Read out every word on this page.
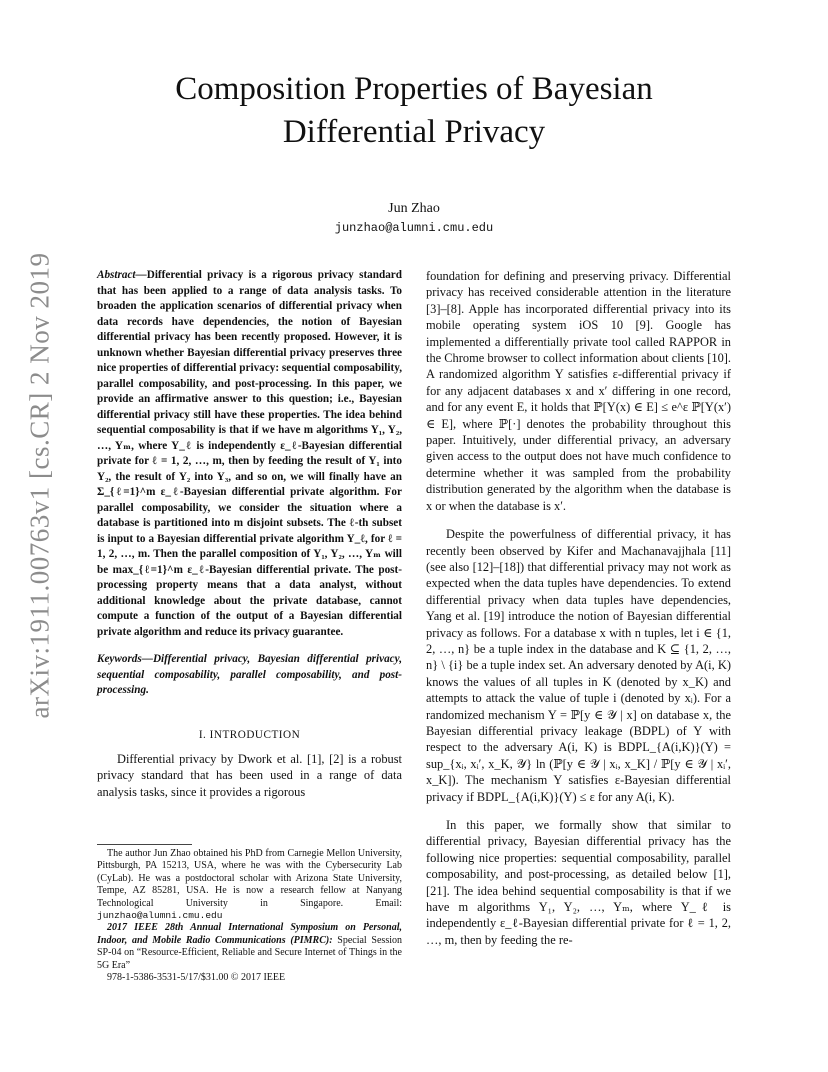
arXiv:1911.00763v1 [cs.CR] 2 Nov 2019
Composition Properties of Bayesian
Differential Privacy
Jun Zhao
junzhao@alumni.cmu.edu

Abstract—Differential privacy is a rigorous privacy standard that has been applied to a range of data analysis tasks. To broaden the application scenarios of differential privacy when data records have dependencies, the notion of Bayesian differential privacy has been recently proposed. However, it is unknown whether Bayesian differential privacy preserves three nice properties of differential privacy: sequential composability, parallel composability, and post-processing. In this paper, we provide an affirmative answer to this question; i.e., Bayesian differential privacy still have these properties. The idea behind sequential composability is that if we have m algorithms Y₁, Y₂, …, Yₘ, where Y_ℓ is independently ε_ℓ-Bayesian differential private for ℓ = 1, 2, …, m, then by feeding the result of Y₁ into Y₂, the result of Y₂ into Y₃, and so on, we will finally have an Σ_{ℓ=1}^m ε_ℓ-Bayesian differential private algorithm. For parallel composability, we consider the situation where a database is partitioned into m disjoint subsets. The ℓ-th subset is input to a Bayesian differential private algorithm Y_ℓ, for ℓ = 1, 2, …, m. Then the parallel composition of Y₁, Y₂, …, Yₘ will be max_{ℓ=1}^m ε_ℓ-Bayesian differential private. The post-processing property means that a data analyst, without additional knowledge about the private database, cannot compute a function of the output of a Bayesian differential private algorithm and reduce its privacy guarantee.

Keywords—Differential privacy, Bayesian differential privacy, sequential composability, parallel composability, and post-processing.

I. INTRODUCTION

Differential privacy by Dwork et al. [1], [2] is a robust privacy standard that has been used in a range of data analysis tasks, since it provides a rigorous

foundation for defining and preserving privacy. Differential privacy has received considerable attention in the literature [3]–[8]. Apple has incorporated differential privacy into its mobile operating system iOS 10 [9]. Google has implemented a differentially private tool called RAPPOR in the Chrome browser to collect information about clients [10]. A randomized algorithm Y satisfies ε-differential privacy if for any adjacent databases x and x′ differing in one record, and for any event E, it holds that ℙ[Y(x) ∈ E] ≤ e^ε ℙ[Y(x′) ∈ E], where ℙ[·] denotes the probability throughout this paper. Intuitively, under differential privacy, an adversary given access to the output does not have much confidence to determine whether it was sampled from the probability distribution generated by the algorithm when the database is x or when the database is x′.

Despite the powerfulness of differential privacy, it has recently been observed by Kifer and Machanavajjhala [11] (see also [12]–[18]) that differential privacy may not work as expected when the data tuples have dependencies. To extend differential privacy when data tuples have dependencies, Yang et al. [19] introduce the notion of Bayesian differential privacy as follows. For a database x with n tuples, let i ∈ {1, 2, …, n} be a tuple index in the database and K ⊆ {1, 2, …, n} \ {i} be a tuple index set. An adversary denoted by A(i, K) knows the values of all tuples in K (denoted by x_K) and attempts to attack the value of tuple i (denoted by xᵢ). For a randomized mechanism Y = ℙ[y ∈ 𝒴 | x] on database x, the Bayesian differential privacy leakage (BDPL) of Y with respect to the adversary A(i, K) is BDPL_{A(i,K)}(Y) = sup_{xᵢ, xᵢ′, x_K, 𝒴} ln (ℙ[y ∈ 𝒴 | xᵢ, x_K] / ℙ[y ∈ 𝒴 | xᵢ′, x_K]). The mechanism Y satisfies ε-Bayesian differential privacy if BDPL_{A(i,K)}(Y) ≤ ε for any A(i, K).

In this paper, we formally show that similar to differential privacy, Bayesian differential privacy has the following nice properties: sequential composability, parallel composability, and post-processing, as detailed below [1], [21]. The idea behind sequential composability is that if we have m algorithms Y₁, Y₂, …, Yₘ, where Y_ℓ is independently ε_ℓ-Bayesian differential private for ℓ = 1, 2, …, m, then by feeding the re-

The author Jun Zhao obtained his PhD from Carnegie Mellon University, Pittsburgh, PA 15213, USA, where he was with the Cybersecurity Lab (CyLab). He was a postdoctoral scholar with Arizona State University, Tempe, AZ 85281, USA. He is now a research fellow at Nanyang Technological University in Singapore. Email: junzhao@alumni.cmu.edu

2017 IEEE 28th Annual International Symposium on Personal, Indoor, and Mobile Radio Communications (PIMRC): Special Session SP-04 on “Resource-Efficient, Reliable and Secure Internet of Things in the 5G Era”

978-1-5386-3531-5/17/$31.00 © 2017 IEEE
